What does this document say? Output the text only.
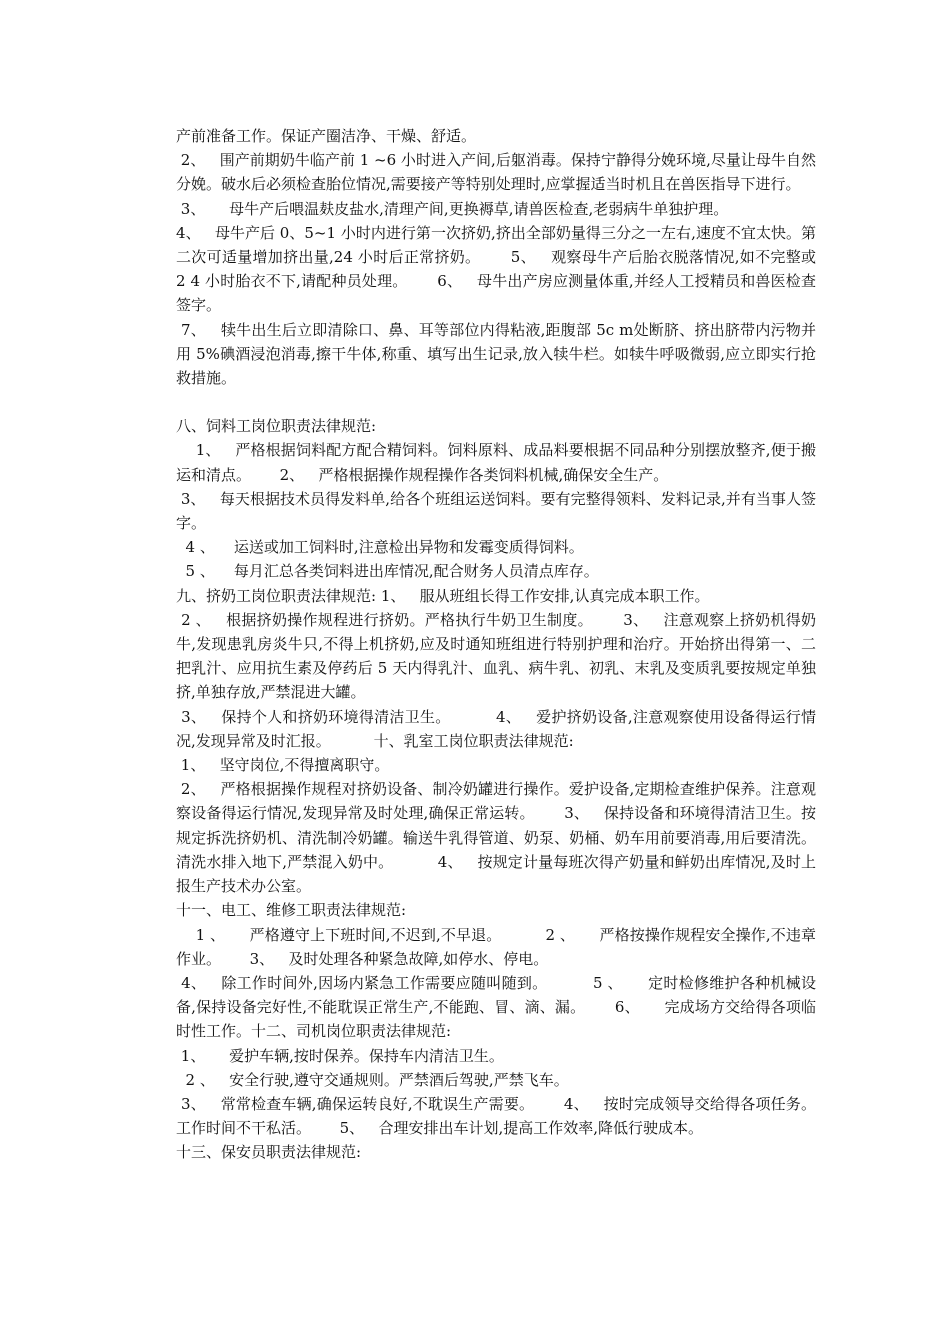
产前准备工作。保证产圈洁净、干燥、舒适。

2、   围产前期奶牛临产前 1 ~6 小时进入产间,后躯消毒。保持宁静得分娩环境,尽量让母牛自然分娩。破水后必须检查胎位情况,需要接产等特别处理时,应掌握适当时机且在兽医指导下进行。

3、     母牛产后喂温麸皮盐水,清理产间,更换褥草,请兽医检查,老弱病牛单独护理。

4、   母牛产后 0、5~1 小时内进行第一次挤奶,挤出全部奶量得三分之一左右,速度不宜太快。第二次可适量增加挤出量,24 小时后正常挤奶。      5、   观察母牛产后胎衣脱落情况,如不完整或 2 4 小时胎衣不下,请配种员处理。      6、   母牛出产房应测量体重,并经人工授精员和兽医检查签字。

7、   犊牛出生后立即清除口、鼻、耳等部位内得粘液,距腹部 5c m处断脐、挤出脐带内污物并用 5%碘酒浸泡消毒,擦干牛体,称重、填写出生记录,放入犊牛栏。如犊牛呼吸微弱,应立即实行抢救措施。

八、饲料工岗位职责法律规范:

1、   严格根据饲料配方配合精饲料。饲料原料、成品料要根据不同品种分别摆放整齐,便于搬运和清点。      2、   严格根据操作规程操作各类饲料机械,确保安全生产。

3、   每天根据技术员得发料单,给各个班组运送饲料。要有完整得领料、发料记录,并有当事人签字。

4 、    运送或加工饲料时,注意检出异物和发霉变质得饲料。

5 、    每月汇总各类饲料进出库情况,配合财务人员清点库存。

九、挤奶工岗位职责法律规范: 1、   服从班组长得工作安排,认真完成本职工作。

2 、   根据挤奶操作规程进行挤奶。严格执行牛奶卫生制度。      3、   注意观察上挤奶机得奶牛,发现患乳房炎牛只,不得上机挤奶,应及时通知班组进行特别护理和治疗。开始挤出得第一、二把乳汁、应用抗生素及停药后 5 天内得乳汁、血乳、病牛乳、初乳、末乳及变质乳要按规定单独挤,单独存放,严禁混进大罐。

3、   保持个人和挤奶环境得清洁卫生。         4、   爱护挤奶设备,注意观察使用设备得运行情况,发现异常及时汇报。         十、乳室工岗位职责法律规范:

1、   坚守岗位,不得擅离职守。

2、   严格根据操作规程对挤奶设备、制冷奶罐进行操作。爱护设备,定期检查维护保养。注意观察设备得运行情况,发现异常及时处理,确保正常运转。      3、   保持设备和环境得清洁卫生。按规定拆洗挤奶机、清洗制冷奶罐。输送牛乳得管道、奶泵、奶桶、奶车用前要消毒,用后要清洗。清洗水排入地下,严禁混入奶中。         4、   按规定计量每班次得产奶量和鲜奶出库情况,及时上报生产技术办公室。

十一、电工、维修工职责法律规范:

1 、     严格遵守上下班时间,不迟到,不早退。         2 、     严格按操作规程安全操作,不违章作业。      3、   及时处理各种紧急故障,如停水、停电。

4、   除工作时间外,因场内紧急工作需要应随叫随到。         5 、     定时检修维护各种机械设备,保持设备完好性,不能耽误正常生产,不能跑、冒、滴、漏。      6、     完成场方交给得各项临时性工作。十二、司机岗位职责法律规范:

1、     爱护车辆,按时保养。保持车内清洁卫生。

2 、   安全行驶,遵守交通规则。严禁酒后驾驶,严禁飞车。

3、   常常检查车辆,确保运转良好,不耽误生产需要。      4、   按时完成领导交给得各项任务。工作时间不干私活。      5、   合理安排出车计划,提高工作效率,降低行驶成本。

十三、保安员职责法律规范:
